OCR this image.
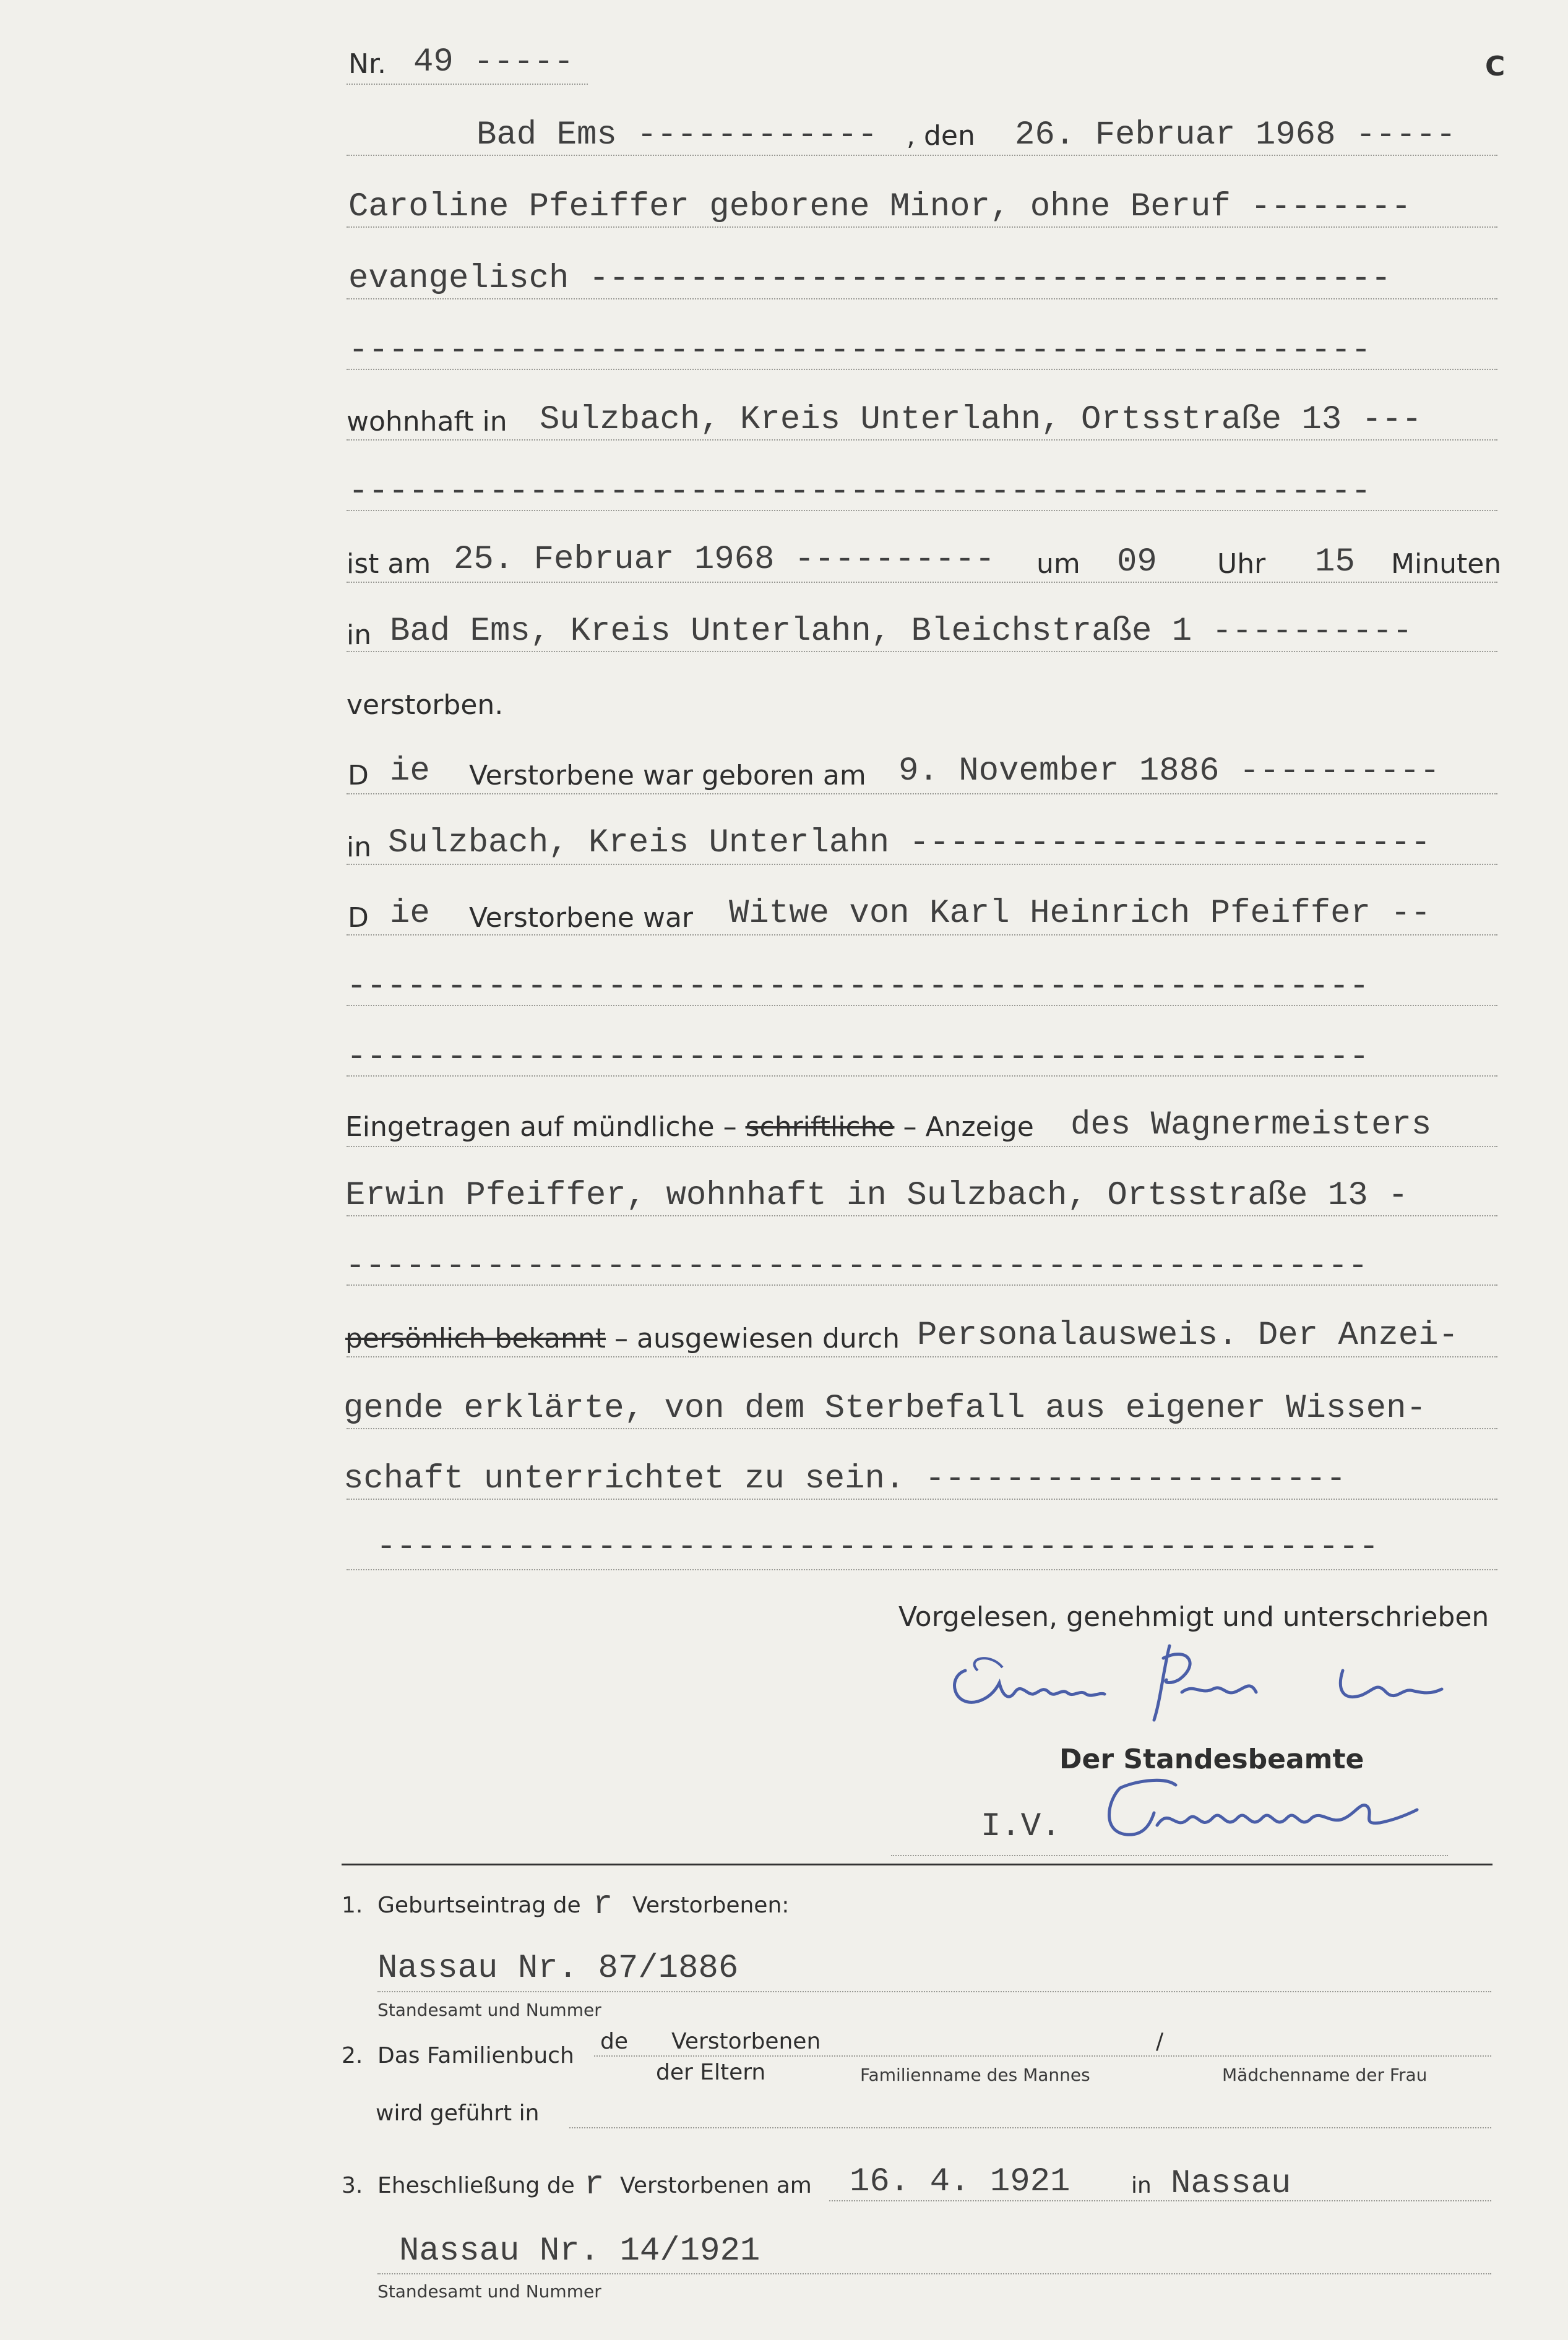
C
Nr. 49 -----
Bad Ems ------------ , den 26. Februar 1968 -----
Caroline Pfeiffer geborene Minor, ohne Beruf --------
evangelisch ----------------------------------------
---------------------------------------------------
wohnhaft in Sulzbach, Kreis Unterlahn, Ortsstraße 13 ---
---------------------------------------------------
ist am 25. Februar 1968 ---------- um 09 Uhr 15 Minuten
in Bad Ems, Kreis Unterlahn, Bleichstraße 1 ----------
verstorben.
D ie Verstorbene war geboren am 9. November 1886 ----------
in Sulzbach, Kreis Unterlahn --------------------------
D ie Verstorbene war Witwe von Karl Heinrich Pfeiffer --
---------------------------------------------------
---------------------------------------------------
Eingetragen auf mündliche – schriftliche – Anzeige des Wagnermeisters
Erwin Pfeiffer, wohnhaft in Sulzbach, Ortsstraße 13 -
---------------------------------------------------
persönlich bekannt – ausgewiesen durch Personalausweis. Der Anzei-
gende erklärte, von dem Sterbefall aus eigener Wissen-
schaft unterrichtet zu sein. ---------------------
--------------------------------------------------
Vorgelesen, genehmigt und unterschrieben
Der Standesbeamte
I.V.
1. Geburtseintrag de r Verstorbenen:
Nassau Nr. 87/1886
Standesamt und Nummer
2. Das Familienbuch
de Verstorbenen	/
der Eltern	Familienname des Mannes	Mädchenname der Frau
wird geführt in
3. Eheschließung de r Verstorbenen am 16. 4. 1921	in Nassau
Nassau Nr. 14/1921
Standesamt und Nummer
